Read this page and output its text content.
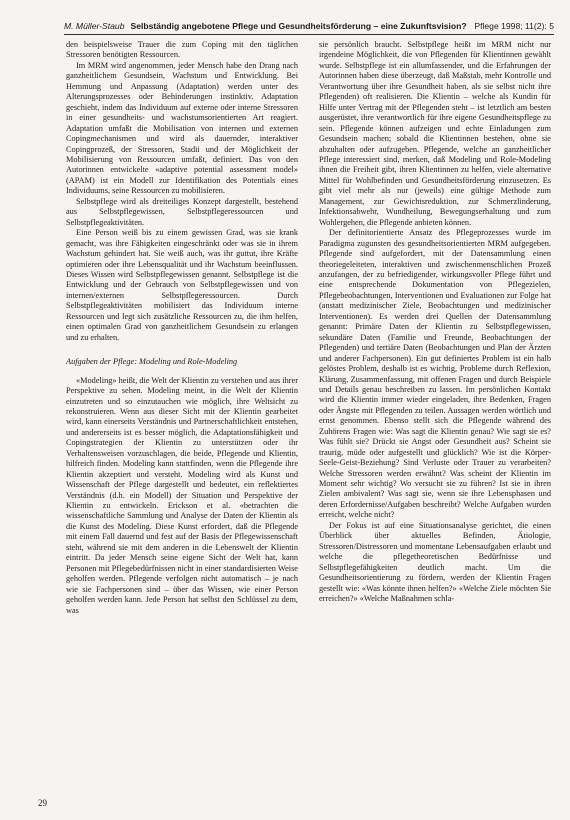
M. Müller-Staub Selbständig angebotene Pflege und Gesundheitsförderung – eine Zukunftsvision? Pflege 1998; 11(2): 5

den beispielsweise Trauer die zum Coping mit den täglichen Stressoren benötigten Ressourcen.

Im MRM wird angenommen, jeder Mensch habe den Drang nach ganzheitlichem Gesundsein, Wachstum und Entwicklung. Bei Hemmung und Anpassung (Adaptation) werden unter des Alterungsprozesses oder Behinderungen instinktiv. Adaptation geschieht, indem das Individuum auf externe oder interne Stressoren in einer gesundheits- und wachstumsorientierten Art reagiert. Adaptation umfaßt die Mobilisation von internen und externen Copingmechanismen und wird als dauernder, interaktiver Copingprozeß, der Stressoren, Stadii und der Möglichkeit der Mobilisierung von Ressourcen umfaßt, definiert. Das von den Autorinnen entwickelte «adaptive potential assessment model» (APAM) ist ein Modell zur Identifikation des Potentials eines Individuums, seine Ressourcen zu mobilisieren.

Selbstpflege wird als dreiteiliges Konzept dargestellt, bestehend aus Selbstpflegewissen, Selbstpflegeressourcen und Selbstpflegeaktivitäten.

Eine Person weiß bis zu einem gewissen Grad, was sie krank gemacht, was ihre Fähigkeiten eingeschränkt oder was sie in ihrem Wachstum gehindert hat. Sie weiß auch, was ihr guttut, ihre Kräfte optimieren oder ihre Lebensqualität und ihr Wachstum beeinflussen. Dieses Wissen wird Selbstpflegewissen genannt. Selbstpflege ist die Entwicklung und der Gebrauch von Selbstpflegewissen und von internen/externen Selbstpflegeressourcen. Durch Selbstpflegeaktivitäten mobilisiert das Individuum interne Ressourcen und legt sich zusätzliche Ressourcen zu, die ihm helfen, einen optimalen Grad von ganzheitlichem Gesundsein zu erlangen und zu erhalten.

Aufgaben der Pflege: Modeling und Role-Modeling

«Modeling» heißt, die Welt der Klientin zu verstehen und aus ihrer Perspektive zu sehen. Modeling meint, in die Welt der Klientin einzutreten und so einzutauchen wie möglich, ihre Weltsicht zu rekonstruieren. Wenn aus dieser Sicht mit der Klientin gearbeitet wird, kann einerseits Verständnis und Partnerschaftlichkeit entstehen, und andererseits ist es besser möglich, die Adaptationsfähigkeit und Copingstrategien der Klientin zu unterstützen oder ihr Verhaltensweisen vorzuschlagen, die beide, Pflegende und Klientin, hilfreich finden. Modeling kann stattfinden, wenn die Pflegende ihre Klientin akzeptiert und versteht. Modeling wird als Kunst und Wissenschaft der Pflege dargestellt und bedeutet, ein reflektiertes Verständnis (d.h. ein Modell) der Situation und Perspektive der Klientin zu entwickeln. Erickson et al. «betrachten die wissenschaftliche Sammlung und Analyse der Daten der Klientin als die Kunst des Modeling. Diese Kunst erfordert, daß die Pflegende mit einem Fall dauernd und fest auf der Basis der Pflegewissenschaft steht, während sie mit dem anderen in die Lebenswelt der Klientin eintritt. Da jeder Mensch seine eigene Sicht der Welt hat, kann Personen mit Pflegebedürfnissen nicht in einer standardisierten Weise geholfen werden. Pflegende verfolgen nicht automatisch – je nach wie sie Fachpersonen sind – über das Wissen, wie einer Person geholfen werden kann. Jede Person hat selbst den Schlüssel zu dem, was

sie persönlich braucht. Selbstpflege heißt im MRM nicht nur irgendeine Möglichkeit, die von Pflegenden für Klientinnen gewählt wurde. Selbstpflege ist ein allumfassender, und die Erfahrungen der Autorinnen haben diese überzeugt, daß Maßstab, mehr Kontrolle und Verantwortung über ihre Gesundheit haben, als sie selbst nicht ihre Pflegenden) oft realisieren. Die Klientin – welche als Kundin für Hilfe unter Vertrag mit der Pflegenden steht – ist letztlich am besten ausgerüstet, ihre verantwortlich für ihre eigene Gesundheitspflege zu sein. Pflegende können aufzeigen und echte Einladungen zum Gesundsein machen; sobald die Klientinnen bestehen, ohne sie abzuhalten oder aufzugeben. Pflegende, welche an ganzheitlicher Pflege interessiert sind, merken, daß Modeling und Role-Modeling ihnen die Freiheit gibt, ihren Klientinnen zu helfen, viele alternative Mittel für Wohlbefinden und Gesundheitsförderung einzusetzen. Es gibt viel mehr als nur (jeweils) eine gültige Methode zum Management, zur Gewichtsreduktion, zur Schmerzlinderung, Infektionsabwehr, Wundheilung, Bewegungserhaltung und zum Wohlergehen, die Pflegende anbieten können.

Der definitorientierte Ansatz des Pflegeprozesses wurde im Paradigma zugunsten des gesundheitsorientierten MRM aufgegeben. Pflegende sind aufgefordert, mit der Datensammlung einen theoriegeleiteten, interaktiven und zwischenmenschlichen Prozeß anzufangen, der zu befriedigender, wirkungsvoller Pflege führt und eine entsprechende Dokumentation von Pflegezielen, Pflegebeobachtungen, Interventionen und Evaluationen zur Folge hat (anstatt medizinischer Ziele, Beobachtungen und medizinischer Interventionen). Es werden drei Quellen der Datensammlung genannt: Primäre Daten der Klientin zu Selbstpflegewissen, sekundäre Daten (Familie und Freunde, Beobachtungen der Pflegenden) und tertiäre Daten (Beobachtungen und Plan der Ärzten und anderer Fachpersonen). Ein gut definiertes Problem ist ein halb gelöstes Problem, deshalb ist es wichtig, Probleme durch Reflexion, Klärung, Zusammenfassung, mit offenen Fragen und durch Beispiele und Details genau beschreiben zu lassen. Im persönlichen Kontakt wird die Klientin immer wieder eingeladen, ihre Bedenken, Fragen oder Ängste mit Pflegenden zu teilen. Aussagen werden wörtlich und ernst genommen. Ebenso stellt sich die Pflegende während des Zuhörens Fragen wie: Was sagt die Klientin genau? Wie sagt sie es? Was fühlt sie? Drückt sie Angst oder Gesundheit aus? Scheint sie traurig, müde oder aufgestellt und glücklich? Wie ist die Körper-Seele-Geist-Beziehung? Sind Verluste oder Trauer zu verarbeiten? Welche Stressoren werden erwähnt? Was scheint der Klientin im Moment sehr wichtig? Wo versucht sie zu führen? Ist sie in ihren Zielen ambivalent? Was sagt sie, wenn sie ihre Lebensphasen und deren Erfordernisse/Aufgaben beschreibt? Welche Aufgaben wurden erreicht, welche nicht?

Der Fokus ist auf eine Situationsanalyse gerichtet, die einen Überblick über aktuelles Befinden, Ätiologie, Stressoren/Distressoren und momentane Lebensaufgaben erlaubt und welche die pflegetheoretischen Bedürfnisse und Selbstpflegefähigkeiten deutlich macht. Um die Gesundheitsorientierung zu fördern, werden der Klientin Fragen gestellt wie: «Was könnte ihnen helfen?» «Welche Ziele möchten Sie erreichen?» «Welche Maßnahmen schla-

29
